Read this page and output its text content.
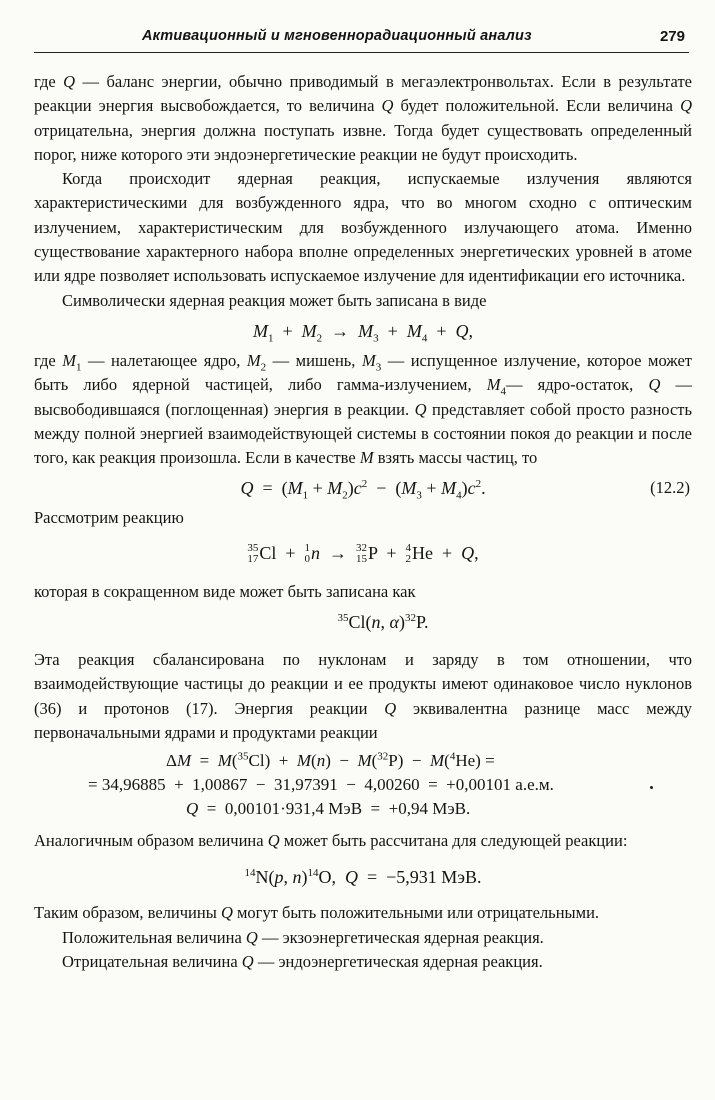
Активационный и мгновеннорадиационный анализ	279

где Q — баланс энергии, обычно приводимый в мегаэлектронвольтах. Если в результате реакции энергия высвобождается, то величина Q будет положительной. Если величина Q отрицательна, энергия должна поступать извне. Тогда будет существовать определенный порог, ниже которого эти эндоэнергетические реакции не будут происходить.

Когда происходит ядерная реакция, испускаемые излучения являются характеристическими для возбужденного ядра, что во многом сходно с оптическим излучением, характеристическим для возбужденного излучающего атома. Именно существование характерного набора вполне определенных энергетических уровней в атоме или ядре позволяет использовать испускаемое излучение для идентификации его источника.

Символически ядерная реакция может быть записана в виде

$M_1 + M_2 \to M_3 + M_4 + Q$,

где $M_1$ — налетающее ядро, $M_2$ — мишень, $M_3$ — испущенное излучение, которое может быть либо ядерной частицей, либо гамма-излучением, $M_4—$ ядро-остаток, Q — высвободившаяся (поглощенная) энергия в реакции. Q представляет собой просто разность между полной энергией взаимодействующей системы в состоянии покоя до реакции и после того, как реакция произошла. Если в качестве M взять массы частиц, то

$Q = (M_1 + M_2)c^2 - (M_3 + M_4)c^2$.	(12.2)

Рассмотрим реакцию

35
17 Cl  + 1
0 n  → 32
15 P  + 4
2 He  +  Q,

которая в сокращенном виде может быть записана как

$^{35}$Cl(n, α)$^{32}$P.

Эта реакция сбалансирована по нуклонам и заряду в том отношении, что взаимодействующие частицы до реакции и ее продукты имеют одинаковое число нуклонов (36) и протонов (17). Энергия реакции Q эквивалентна разнице масс между первоначальными ядрами и продуктами реакции

ΔM  =  M($^{35}$Cl)  +  M(n)  −  M($^{32}$P)  −  M($^4$He) =
= 34,96885  +  1,00867  −  31,97391  −  4,00260  =  +0,00101 а.е.м.
Q  =  0,00101·931,4 МэВ  =  +0,94 МэВ.

Аналогичным образом величина Q может быть рассчитана для следующей реакции:

$^{14}$N(p, n)$^{14}$O,  Q  =  −5,931 МэВ.

Таким образом, величины Q могут быть положительными или отрицательными.

Положительная величина Q — экзоэнергетическая ядерная реакция.

Отрицательная величина Q — эндоэнергетическая ядерная реакция.
